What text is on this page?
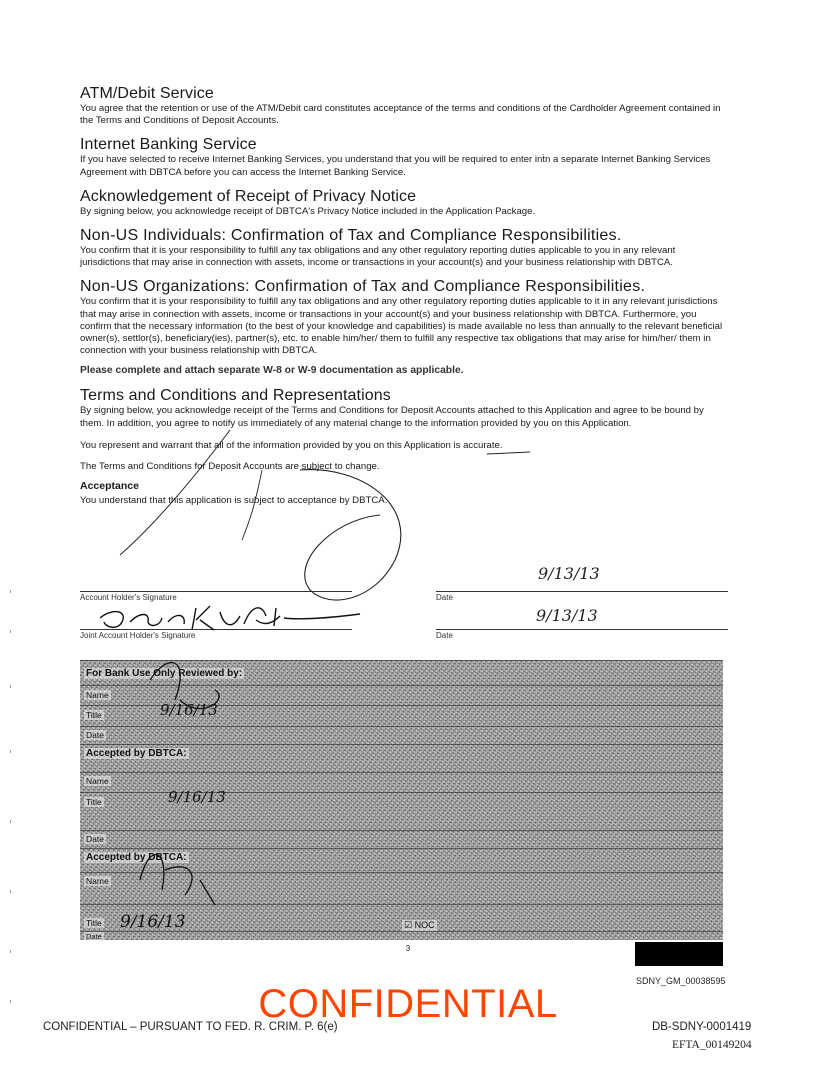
ATM/Debit Service

You agree that the retention or use of the ATM/Debit card constitutes acceptance of the terms and conditions of the Cardholder Agreement contained in the Terms and Conditions of Deposit Accounts.

Internet Banking Service

If you have selected to receive Internet Banking Services, you understand that you will be required to enter inṫn a separate Internet Banking Services Agreement with DBTCA before you can access the Internet Banking Service.

Acknowledgement of Receipt of Privacy Notice

By signing below, you acknowledge receipt of DBTCA's Privacy Notice included in the Application Package.

Non-US Individuals: Confirmation of Tax and Compliance Responsibilities.

You confirm that it is your responsibility to fulfill any tax obligations and any other regulatory reporting duties applicable to you in any relevant jurisdictions that may arise in connection with assets, income or transactions in your account(s) and your business relationship with DBTCA.

Non-US Organizations: Confirmation of Tax and Compliance Responsibilities.

You confirm that it is your responsibility to fulfill any tax obligations and any other regulatory reporting duties applicable to it in any relevant jurisdictions that may arise in connection with assets, income or transactions in your account(s) and your business relationship with DBTCA. Furthermore, you confirm that the necessary information (to the best of your knowledge and capabilities) is made available no less than annually to the relevant beneficial owner(s), settlor(s), beneficiary(ies), partner(s), etc. to enable him/her/ them to fulfill any respective tax obligations that may arise for him/her/ them in connection with your business relationship with DBTCA.

Please complete and attach separate W-8 or W-9 documentation as applicable.
Terms and Conditions and Representations

By signing below, you acknowledge receipt of the Terms and Conditions for Deposit Accounts attached to this Application and agree to be bound by them. In addition, you agree to notify us immediately of any material change to the information provided by you on this Application.

You represent and warrant that all of the information provided by you on this Application is accurate.

The Terms and Conditions for Deposit Accounts are subject to change.

Acceptance

You understand that this application is subject to acceptance by DBTCA.

Account Holder's Signature	Date
9/13/13
Joint Account Holder's Signature	Date
9/13/13
For Bank Use Only Reviewed by:
Name
Title	9/16/13
Date
Accepted by DBTCA:
Name
Title	9/16/13
Date
Accepted by DBTCA:
Name
Title 9/16/13	☑ NOC
Date
3
SDNY_GM_00038595
CONFIDENTIAL
CONFIDENTIAL – PURSUANT TO FED. R. CRIM. P. 6(e)	DB-SDNY-0001419
EFTA_00149204
